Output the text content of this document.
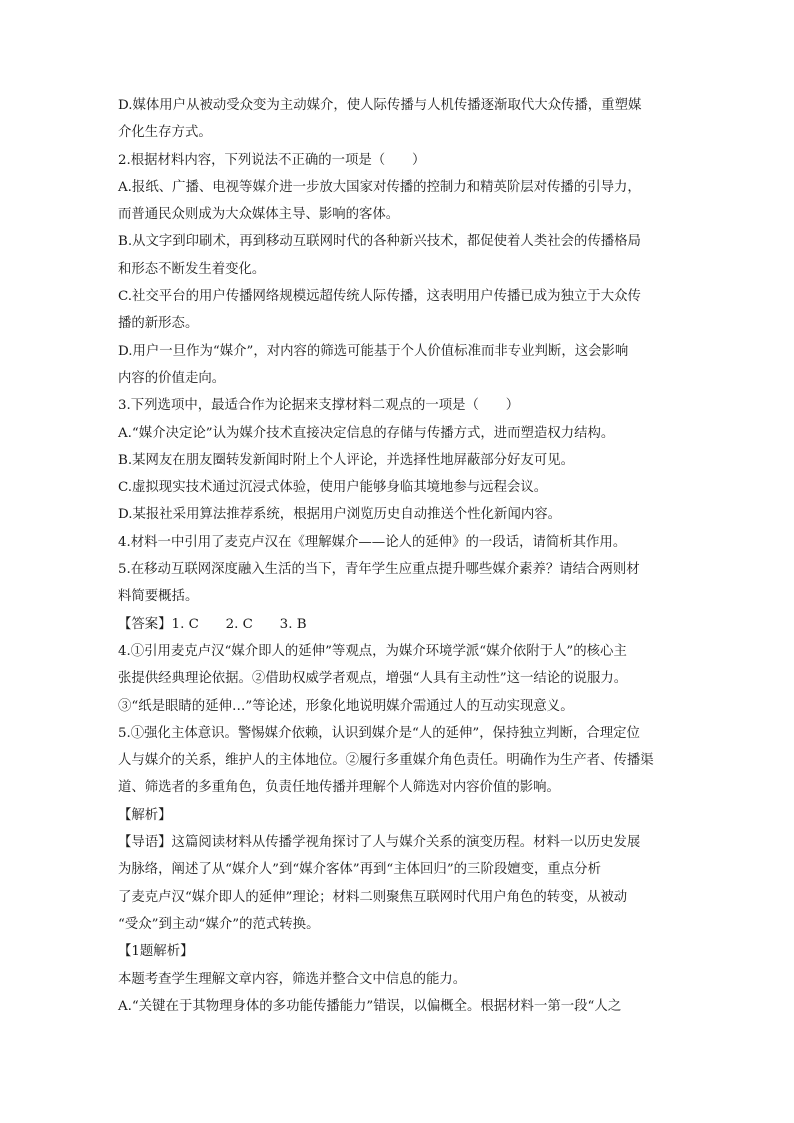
D.媒体用户从被动受众变为主动媒介，使人际传播与人机传播逐渐取代大众传播，重塑媒
介化生存方式。
2.根据材料内容，下列说法不正确的一项是（　　）
A.报纸、广播、电视等媒介进一步放大国家对传播的控制力和精英阶层对传播的引导力，
而普通民众则成为大众媒体主导、影响的客体。
B.从文字到印刷术，再到移动互联网时代的各种新兴技术，都促使着人类社会的传播格局
和形态不断发生着变化。
C.社交平台的用户传播网络规模远超传统人际传播，这表明用户传播已成为独立于大众传
播的新形态。
D.用户一旦作为“媒介”，对内容的筛选可能基于个人价值标准而非专业判断，这会影响
内容的价值走向。
3.下列选项中，最适合作为论据来支撑材料二观点的一项是（　　）
A.“媒介决定论”认为媒介技术直接决定信息的存储与传播方式，进而塑造权力结构。
B.某网友在朋友圈转发新闻时附上个人评论，并选择性地屏蔽部分好友可见。
C.虚拟现实技术通过沉浸式体验，使用户能够身临其境地参与远程会议。
D.某报社采用算法推荐系统，根据用户浏览历史自动推送个性化新闻内容。
4.材料一中引用了麦克卢汉在《理解媒介——论人的延伸》的一段话，请简析其作用。
5.在移动互联网深度融入生活的当下，青年学生应重点提升哪些媒介素养？请结合两则材
料简要概括。
【答案】1. C　　2. C　　3. B
4.①引用麦克卢汉“媒介即人的延伸”等观点，为媒介环境学派“媒介依附于人”的核心主
张提供经典理论依据。②借助权威学者观点，增强“人具有主动性”这一结论的说服力。
③“纸是眼睛的延伸…”等论述，形象化地说明媒介需通过人的互动实现意义。
5.①强化主体意识。警惕媒介依赖，认识到媒介是“人的延伸”，保持独立判断，合理定位
人与媒介的关系，维护人的主体地位。②履行多重媒介角色责任。明确作为生产者、传播渠
道、筛选者的多重角色，负责任地传播并理解个人筛选对内容价值的影响。
【解析】
【导语】这篇阅读材料从传播学视角探讨了人与媒介关系的演变历程。材料一以历史发展
为脉络，阐述了从“媒介人”到“媒介客体”再到“主体回归”的三阶段嬗变，重点分析
了麦克卢汉“媒介即人的延伸”理论；材料二则聚焦互联网时代用户角色的转变，从被动
“受众”到主动“媒介”的范式转换。
【1题解析】
本题考查学生理解文章内容，筛选并整合文中信息的能力。
A.“关键在于其物理身体的多功能传播能力”错误，以偏概全。根据材料一第一段“人之
